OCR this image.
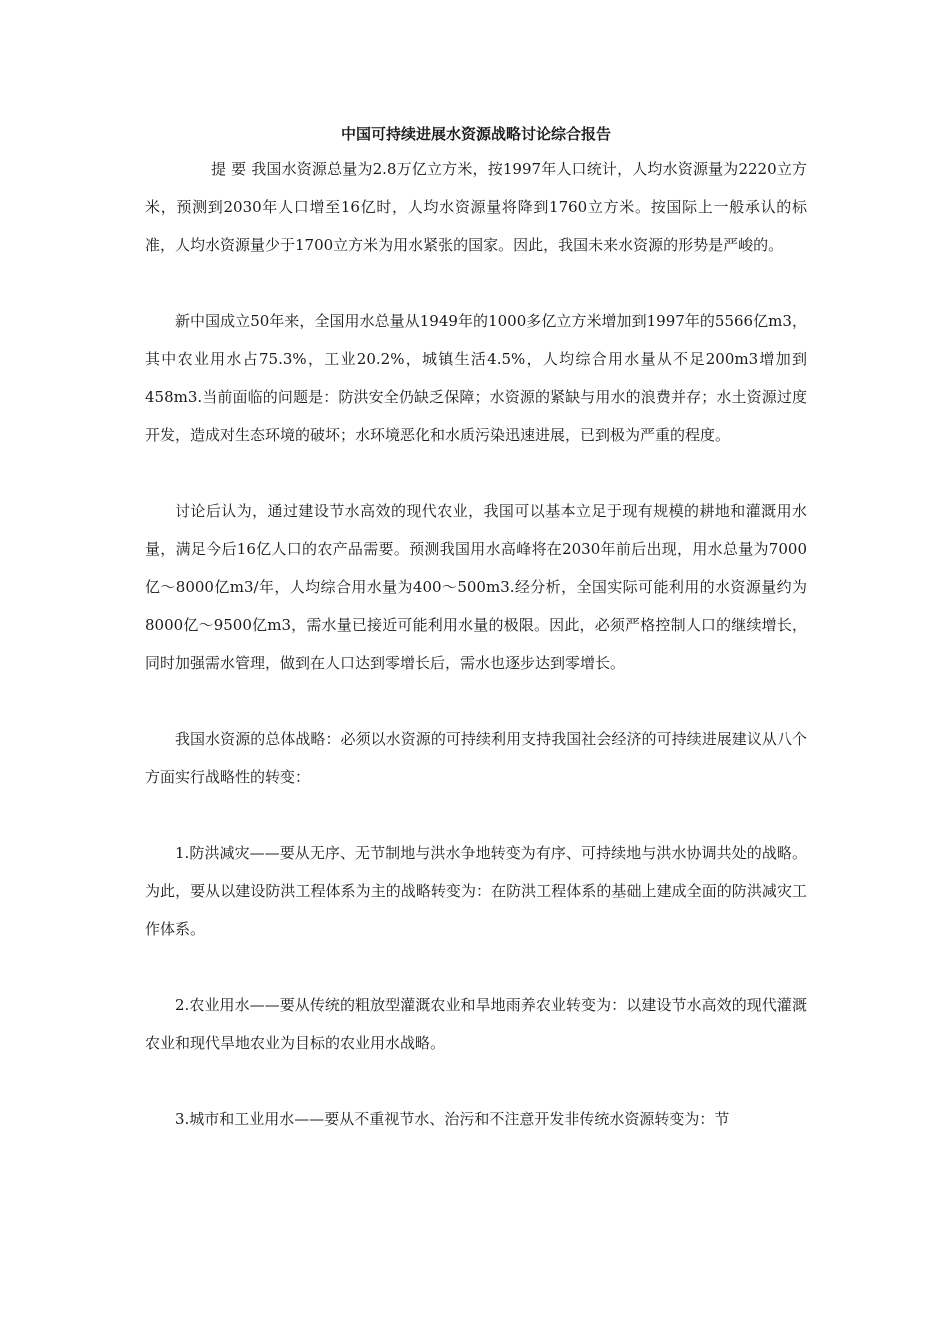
中国可持续进展水资源战略讨论综合报告

提 要 我国水资源总量为2.8万亿立方米，按1997年人口统计，人均水资源量为2220立方米，预测到2030年人口增至16亿时，人均水资源量将降到1760立方米。按国际上一般承认的标准，人均水资源量少于1700立方米为用水紧张的国家。因此，我国未来水资源的形势是严峻的。

新中国成立50年来，全国用水总量从1949年的1000多亿立方米增加到1997年的5566亿m3，其中农业用水占75.3%，工业20.2%，城镇生活4.5%，人均综合用水量从不足200m3增加到458m3.当前面临的问题是：防洪安全仍缺乏保障；水资源的紧缺与用水的浪费并存；水土资源过度开发，造成对生态环境的破坏；水环境恶化和水质污染迅速进展，已到极为严重的程度。

讨论后认为，通过建设节水高效的现代农业，我国可以基本立足于现有规模的耕地和灌溉用水量，满足今后16亿人口的农产品需要。预测我国用水高峰将在2030年前后出现，用水总量为7000亿～8000亿m3/年，人均综合用水量为400～500m3.经分析，全国实际可能利用的水资源量约为8000亿～9500亿m3，需水量已接近可能利用水量的极限。因此，必须严格控制人口的继续增长，同时加强需水管理，做到在人口达到零增长后，需水也逐步达到零增长。

我国水资源的总体战略：必须以水资源的可持续利用支持我国社会经济的可持续进展建议从八个方面实行战略性的转变：

1.防洪减灾——要从无序、无节制地与洪水争地转变为有序、可持续地与洪水协调共处的战略。为此，要从以建设防洪工程体系为主的战略转变为：在防洪工程体系的基础上建成全面的防洪减灾工作体系。

2.农业用水——要从传统的粗放型灌溉农业和旱地雨养农业转变为：以建设节水高效的现代灌溉农业和现代旱地农业为目标的农业用水战略。

3.城市和工业用水——要从不重视节水、治污和不注意开发非传统水资源转变为：节
